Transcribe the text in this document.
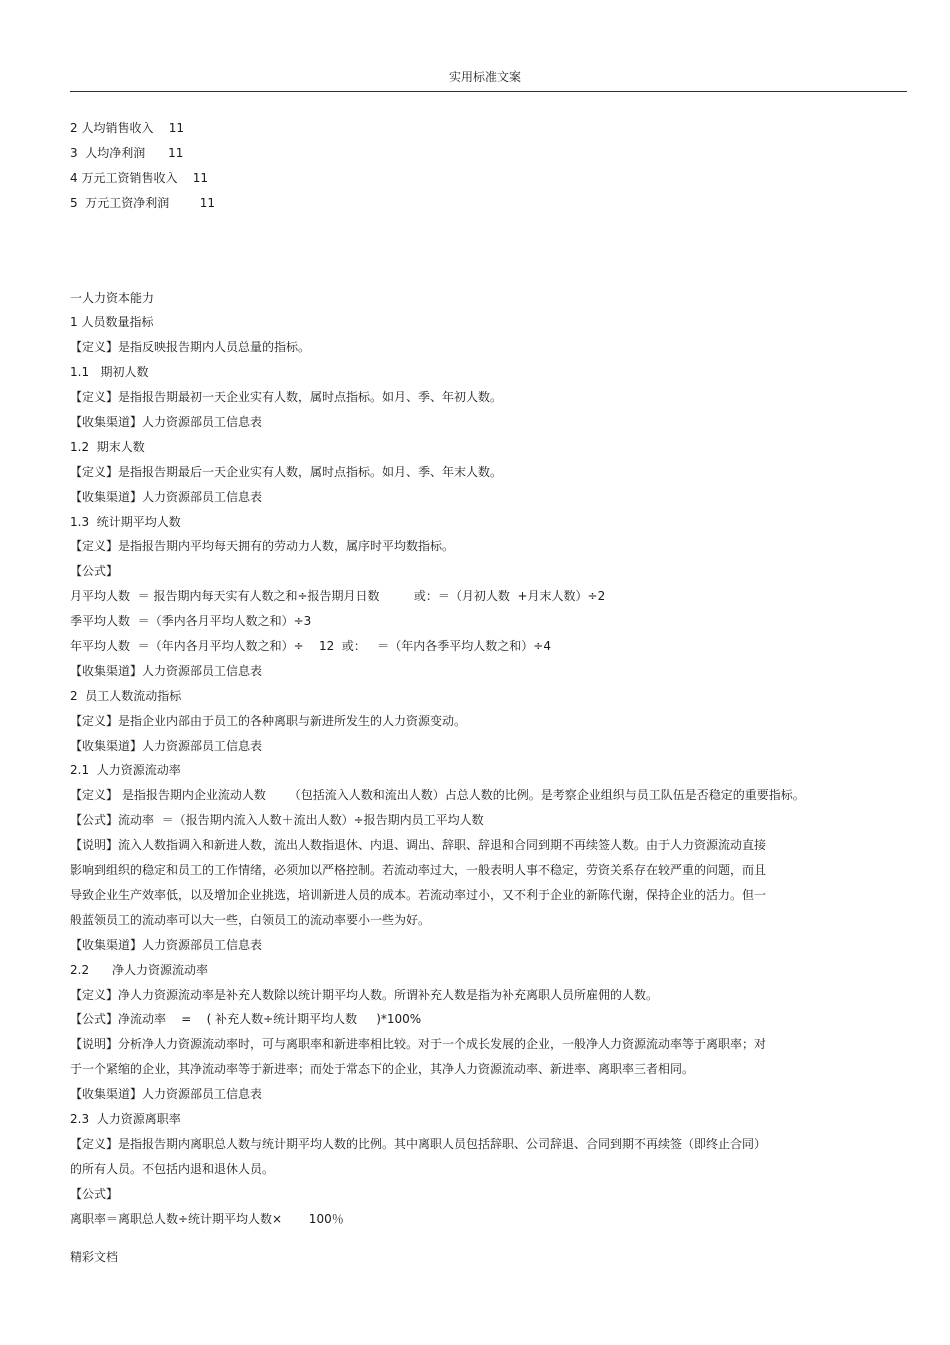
实用标准文案
2 人均销售收入    11
3  人均净利润      11
4 万元工资销售收入    11
5  万元工资净利润        11
一人力资本能力
1 人员数量指标
【定义】是指反映报告期内人员总量的指标。
1.1   期初人数
【定义】是指报告期最初一天企业实有人数，属时点指标。如月、季、年初人数。
【收集渠道】人力资源部员工信息表
1.2  期末人数
【定义】是指报告期最后一天企业实有人数，属时点指标。如月、季、年末人数。
【收集渠道】人力资源部员工信息表
1.3  统计期平均人数
【定义】是指报告期内平均每天拥有的劳动力人数，属序时平均数指标。
【公式】
月平均人数  ＝ 报告期内每天实有人数之和÷报告期月日数         或：＝（月初人数  +月末人数）÷2
季平均人数  ＝（季内各月平均人数之和）÷3
年平均人数  ＝（年内各月平均人数之和）÷    12  或：   ＝（年内各季平均人数之和）÷4
【收集渠道】人力资源部员工信息表
2  员工人数流动指标
【定义】是指企业内部由于员工的各种离职与新进所发生的人力资源变动。
【收集渠道】人力资源部员工信息表
2.1  人力资源流动率
【定义】 是指报告期内企业流动人数      （包括流入人数和流出人数）占总人数的比例。是考察企业组织与员工队伍是否稳定的重要指标。
【公式】流动率  ＝（报告期内流入人数＋流出人数）÷报告期内员工平均人数
【说明】流入人数指调入和新进人数，流出人数指退休、内退、调出、辞职、辞退和合同到期不再续签人数。由于人力资源流动直接
影响到组织的稳定和员工的工作情绪，必须加以严格控制。若流动率过大，一般表明人事不稳定，劳资关系存在较严重的问题，而且
导致企业生产效率低，以及增加企业挑选，培训新进人员的成本。若流动率过小，又不利于企业的新陈代谢，保持企业的活力。但一
般蓝领员工的流动率可以大一些，白领员工的流动率要小一些为好。
【收集渠道】人力资源部员工信息表
2.2      净人力资源流动率
【定义】净人力资源流动率是补充人数除以统计期平均人数。所谓补充人数是指为补充离职人员所雇佣的人数。
【公式】净流动率    =    ( 补充人数÷统计期平均人数     )*100%
【说明】分析净人力资源流动率时，可与离职率和新进率相比较。对于一个成长发展的企业，一般净人力资源流动率等于离职率；对
于一个紧缩的企业，其净流动率等于新进率；而处于常态下的企业，其净人力资源流动率、新进率、离职率三者相同。
【收集渠道】人力资源部员工信息表
2.3  人力资源离职率
【定义】是指报告期内离职总人数与统计期平均人数的比例。其中离职人员包括辞职、公司辞退、合同到期不再续签（即终止合同）
的所有人员。不包括内退和退休人员。
【公式】
离职率＝离职总人数÷统计期平均人数×       100％
精彩文档
